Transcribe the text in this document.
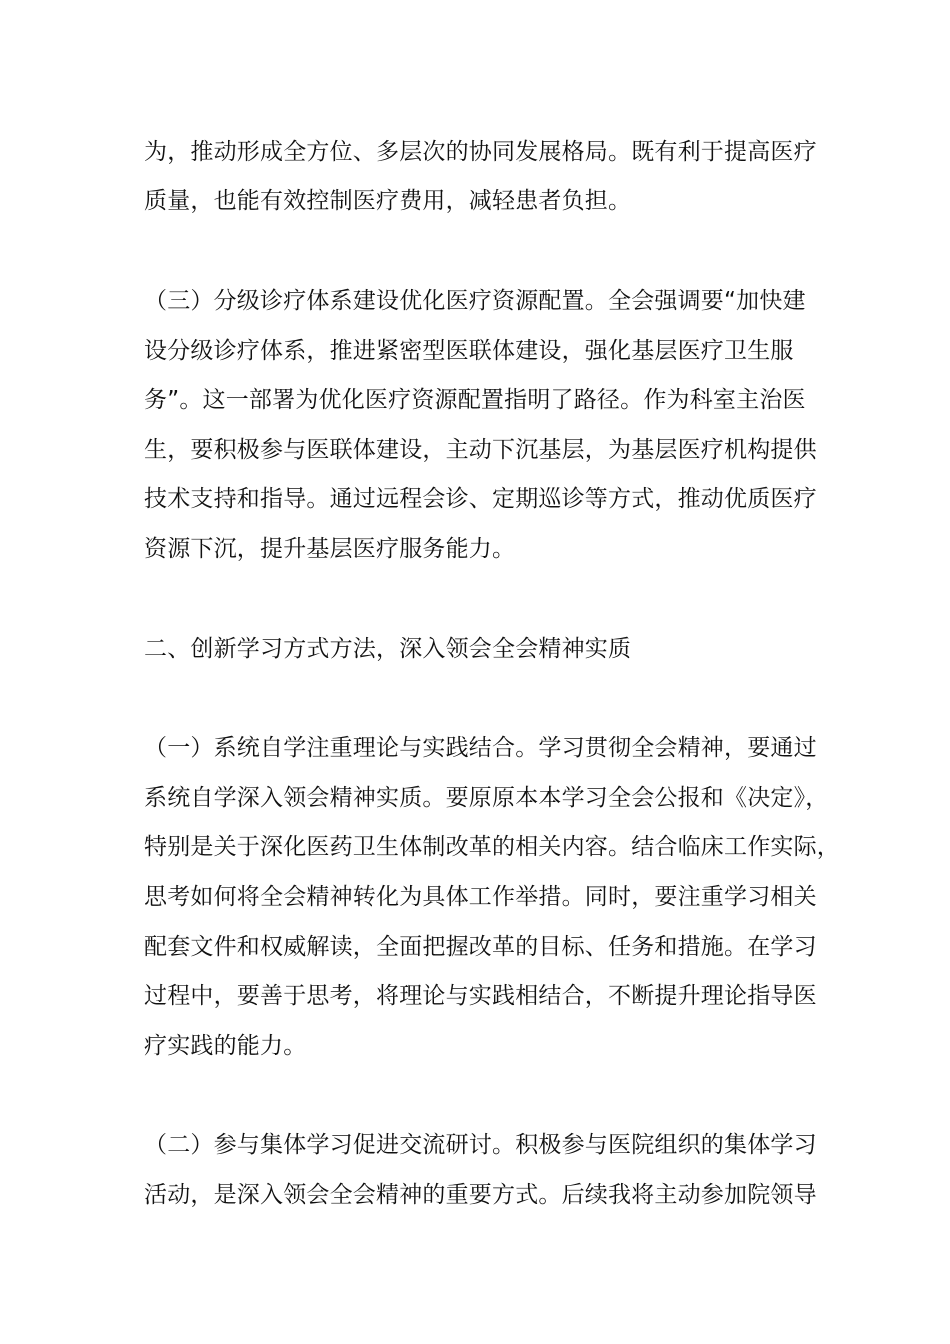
为，推动形成全方位、多层次的协同发展格局。既有利于提高医疗
质量，也能有效控制医疗费用，减轻患者负担。
（三）分级诊疗体系建设优化医疗资源配置。全会强调要“加快建
设分级诊疗体系，推进紧密型医联体建设，强化基层医疗卫生服
务”。这一部署为优化医疗资源配置指明了路径。作为科室主治医
生，要积极参与医联体建设，主动下沉基层，为基层医疗机构提供
技术支持和指导。通过远程会诊、定期巡诊等方式，推动优质医疗
资源下沉，提升基层医疗服务能力。
二、创新学习方式方法，深入领会全会精神实质
（一）系统自学注重理论与实践结合。学习贯彻全会精神，要通过
系统自学深入领会精神实质。要原原本本学习全会公报和《决定》，
特别是关于深化医药卫生体制改革的相关内容。结合临床工作实际，
思考如何将全会精神转化为具体工作举措。同时，要注重学习相关
配套文件和权威解读，全面把握改革的目标、任务和措施。在学习
过程中，要善于思考，将理论与实践相结合，不断提升理论指导医
疗实践的能力。
（二）参与集体学习促进交流研讨。积极参与医院组织的集体学习
活动，是深入领会全会精神的重要方式。后续我将主动参加院领导
